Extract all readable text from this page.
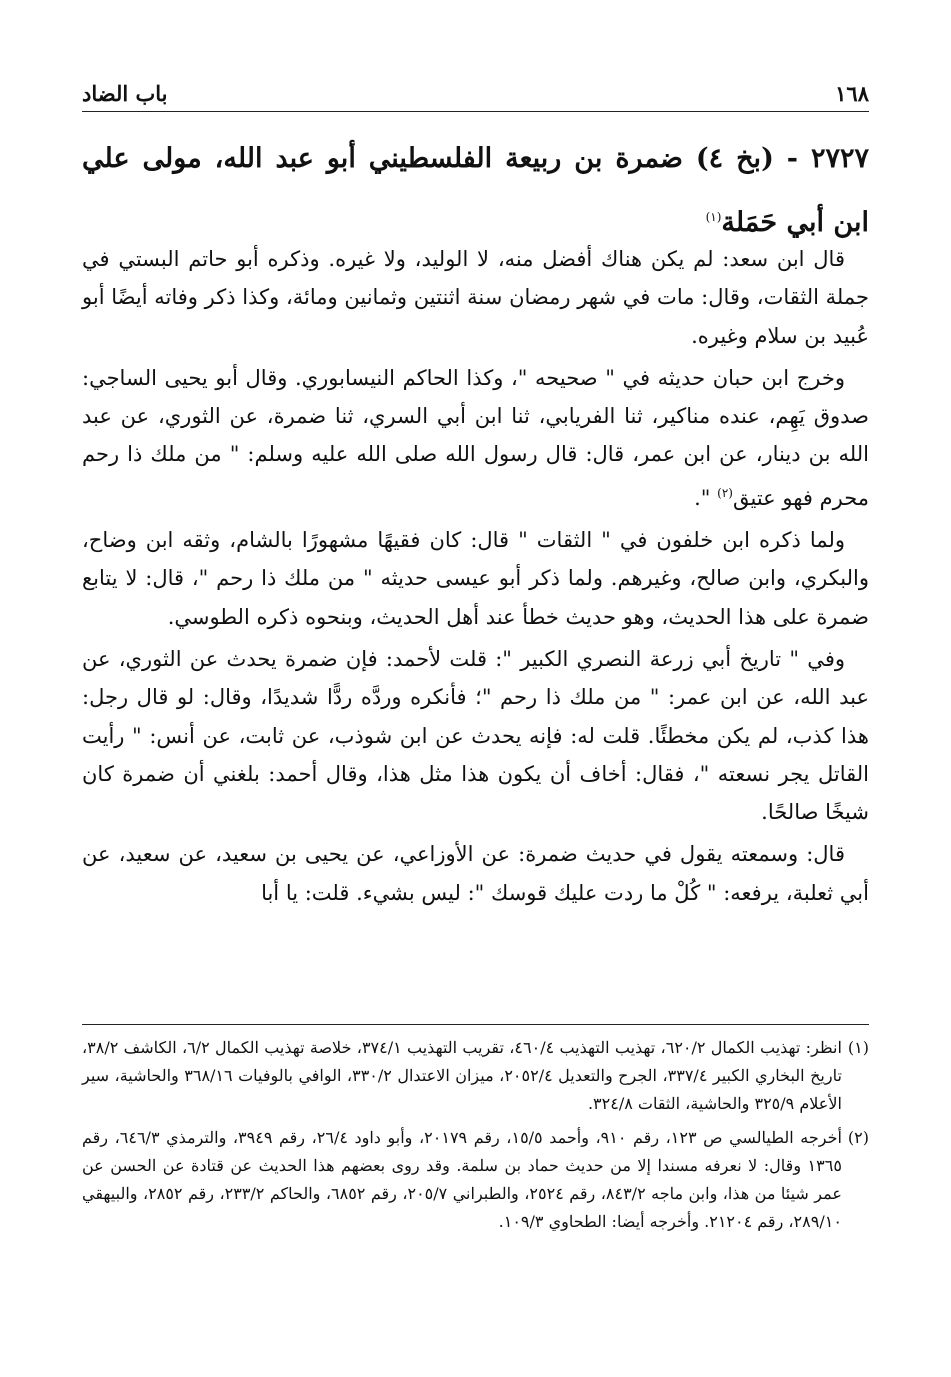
١٦٨
باب الضاد
٢٧٢٧ - (بخ ٤) ضمرة بن ربيعة الفلسطيني أبو عبد الله، مولى علي ابن أبي حَمَلة$^{(١)}$

قال ابن سعد: لم يكن هناك أفضل منه، لا الوليد، ولا غيره. وذكره أبو حاتم البستي في جملة الثقات، وقال: مات في شهر رمضان سنة اثنتين وثمانين ومائة، وكذا ذكر وفاته أيضًا أبو عُبيد بن سلام وغيره.

وخرج ابن حبان حديثه في " صحيحه "، وكذا الحاكم النيسابوري. وقال أبو يحيى الساجي: صدوق يَهِم، عنده مناكير، ثنا الفريابي، ثنا ابن أبي السري، ثنا ضمرة، عن الثوري، عن عبد الله بن دينار، عن ابن عمر، قال: قال رسول الله صلى الله عليه وسلم: " من ملك ذا رحم محرم فهو عتيق$^{(٢)}$ ".

ولما ذكره ابن خلفون في " الثقات " قال: كان فقيهًا مشهورًا بالشام، وثقه ابن وضاح، والبكري، وابن صالح، وغيرهم. ولما ذكر أبو عيسى حديثه " من ملك ذا رحم "، قال: لا يتابع ضمرة على هذا الحديث، وهو حديث خطأ عند أهل الحديث، وبنحوه ذكره الطوسي.

وفي " تاريخ أبي زرعة النصري الكبير ": قلت لأحمد: فإن ضمرة يحدث عن الثوري، عن عبد الله، عن ابن عمر: " من ملك ذا رحم "؛ فأنكره وردَّه ردًّا شديدًا، وقال: لو قال رجل: هذا كذب، لم يكن مخطئًا. قلت له: فإنه يحدث عن ابن شوذب، عن ثابت، عن أنس: " رأيت القاتل يجر نسعته "، فقال: أخاف أن يكون هذا مثل هذا، وقال أحمد: بلغني أن ضمرة كان شيخًا صالحًا.

قال: وسمعته يقول في حديث ضمرة: عن الأوزاعي، عن يحيى بن سعيد، عن سعيد، عن أبي ثعلبة، يرفعه: " كُلْ ما ردت عليك قوسك ": ليس بشيء. قلت: يا أبا

(١)
انظر: تهذيب الكمال ٦٢٠/٢، تهذيب التهذيب ٤٦٠/٤، تقريب التهذيب ٣٧٤/١، خلاصة تهذيب الكمال ٦/٢، الكاشف ٣٨/٢، تاريخ البخاري الكبير ٣٣٧/٤، الجرح والتعديل ٢٠٥٢/٤، ميزان الاعتدال ٣٣٠/٢، الوافي بالوفيات ٣٦٨/١٦ والحاشية، سير الأعلام ٣٢٥/٩ والحاشية، الثقات ٣٢٤/٨.
(٢)
أخرجه الطيالسي ص ١٢٣، رقم ٩١٠، وأحمد ١٥/٥، رقم ٢٠١٧٩، وأبو داود ٢٦/٤، رقم ٣٩٤٩، والترمذي ٦٤٦/٣، رقم ١٣٦٥ وقال: لا نعرفه مسندا إلا من حديث حماد بن سلمة. وقد روى بعضهم هذا الحديث عن قتادة عن الحسن عن عمر شيئا من هذا، وابن ماجه ٨٤٣/٢، رقم ٢٥٢٤، والطبراني ٢٠٥/٧، رقم ٦٨٥٢، والحاكم ٢٣٣/٢، رقم ٢٨٥٢، والبيهقي ٢٨٩/١٠، رقم ٢١٢٠٤. وأخرجه أيضا: الطحاوي ١٠٩/٣.
